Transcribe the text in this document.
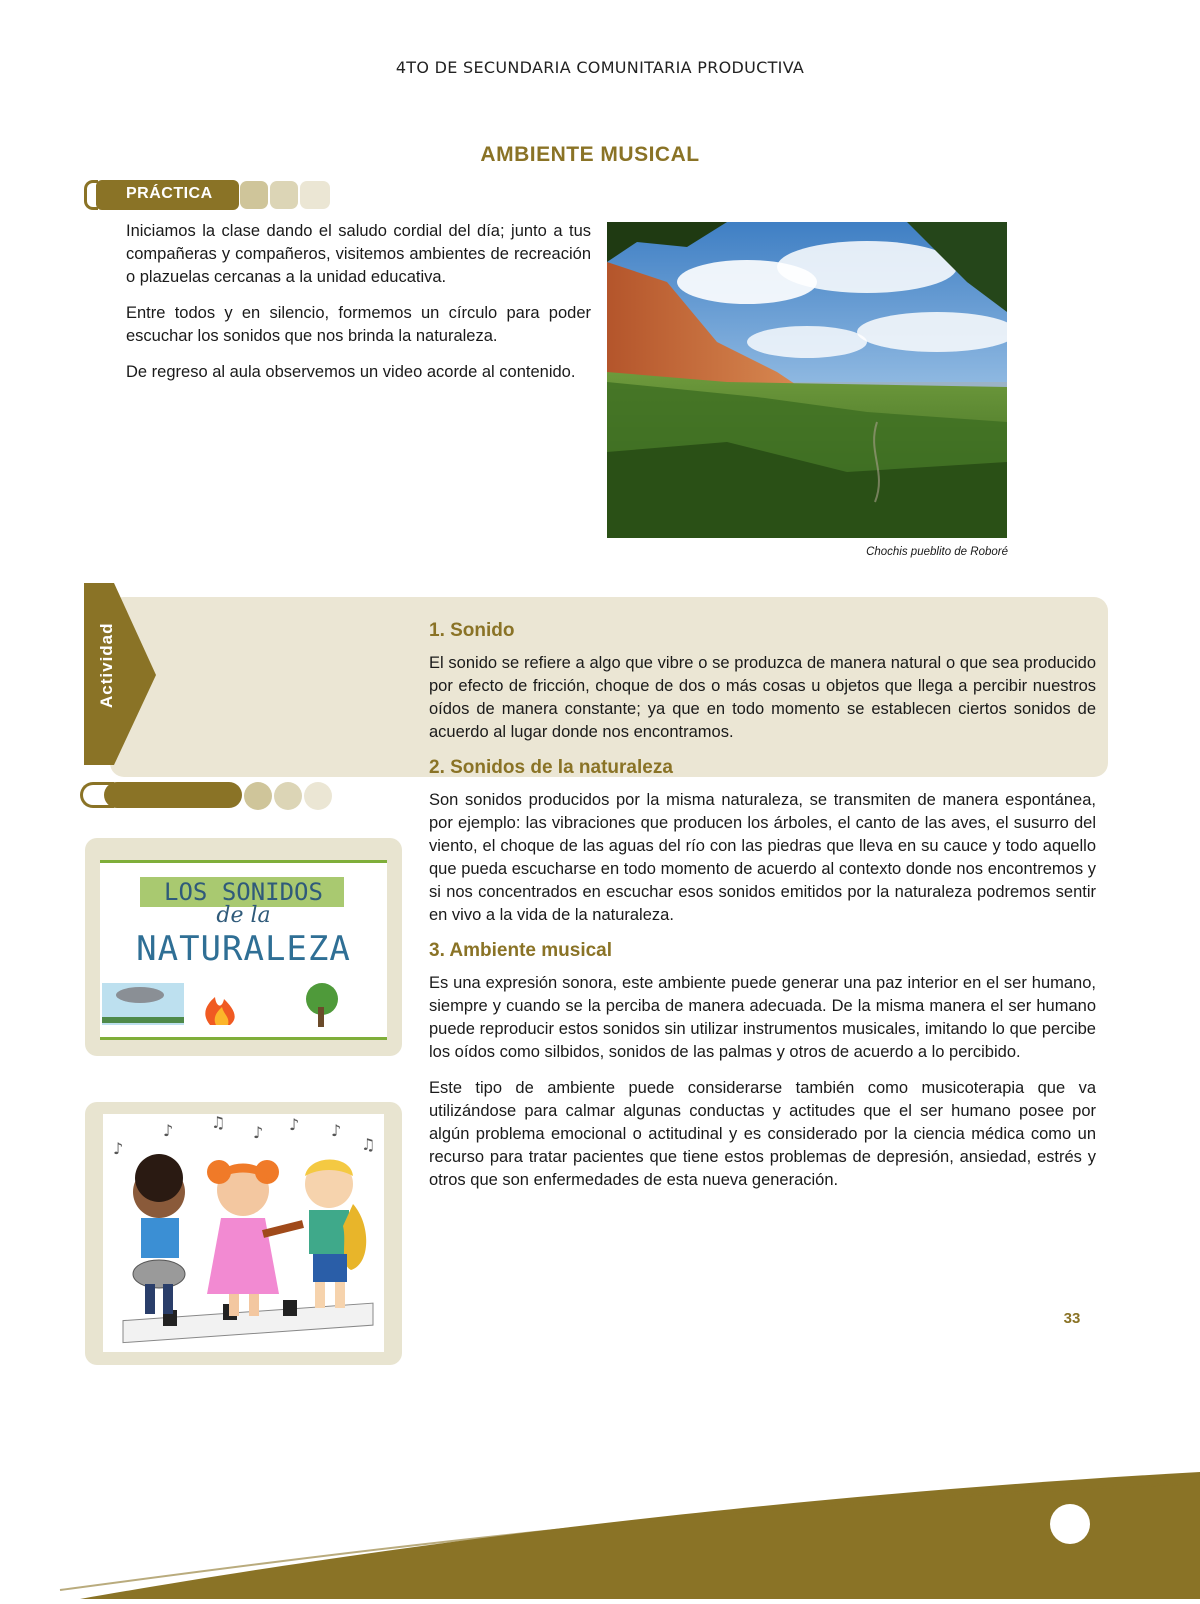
4TO DE SECUNDARIA COMUNITARIA PRODUCTIVA
AMBIENTE MUSICAL
PRÁCTICA

Iniciamos la clase dando el saludo cordial del día; junto a tus compañeras y compañeros, visitemos ambientes de recreación o plazuelas cercanas a la unidad educativa.

Entre todos y en silencio, formemos un círculo para poder escuchar los sonidos que nos brinda la naturaleza.

De regreso al aula observemos un video acorde al contenido.

Chochis pueblito de Roboré
TEORÍA
Actividad	1. Sonido

El sonido se refiere a algo que vibre o se produzca de manera natural o que sea producido por efecto de fricción, choque de dos o más cosas u objetos que llega a percibir nuestros oídos de manera constante; ya que en todo momento se establecen ciertos sonidos de acuerdo al lugar donde nos encontramos.

2. Sonidos de la naturaleza

Son sonidos producidos por la misma naturaleza, se transmiten de manera espontánea, por ejemplo: las vibraciones que producen los árboles, el canto de las aves, el susurro del viento, el choque de las aguas del río con las piedras que lleva en su cauce y todo aquello que pueda escucharse en todo momento de acuerdo al contexto donde nos encontremos y si nos concentrados en escuchar esos sonidos emitidos por la naturaleza podremos sentir en vivo a la vida de la naturaleza.

3. Ambiente musical

Es una expresión sonora, este ambiente puede generar una paz interior en el ser humano, siempre y cuando se la perciba de manera adecuada. De la misma manera el ser humano puede reproducir estos sonidos sin utilizar instrumentos musicales, imitando lo que percibe los oídos como silbidos, sonidos de las palmas y otros de acuerdo a lo percibido.

Este tipo de ambiente puede considerarse también como musicoterapia que va utilizándose para calmar algunas conductas y actitudes que el ser humano posee por algún problema emocional o actitudinal y es considerado por la ciencia médica como un recurso para tratar pacientes que tiene estos problemas de depresión, ansiedad, estrés y otros que son enfermedades de esta nueva generación.

LOS SONIDOS
de la
NATURALEZA
♪ ♫
♪ ♪ ♪
♫
♪
33
